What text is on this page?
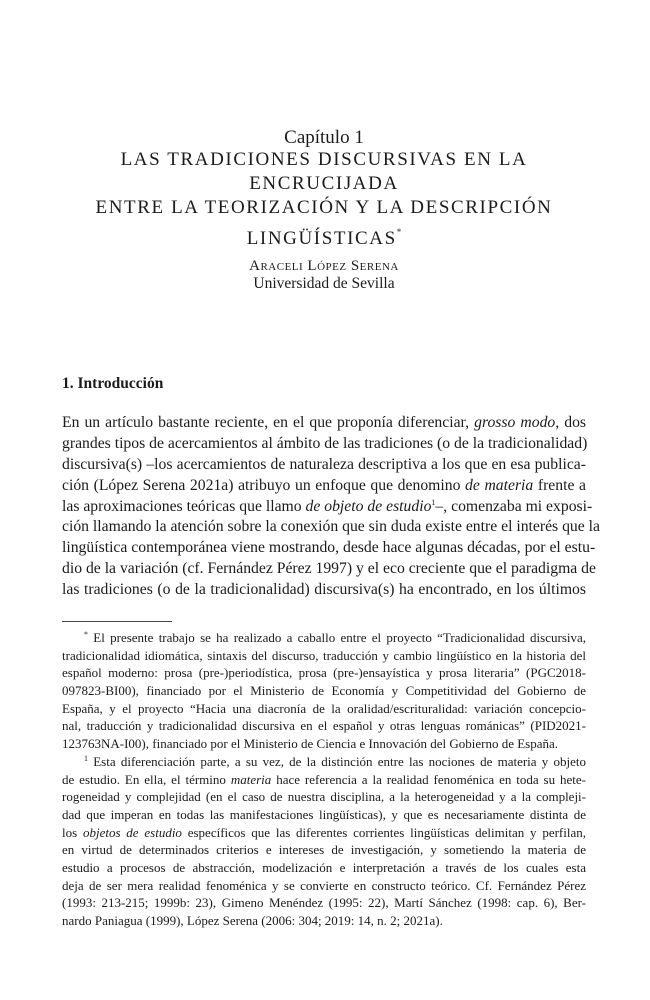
Capítulo 1
LAS TRADICIONES DISCURSIVAS EN LA ENCRUCIJADA
ENTRE LA TEORIZACIÓN Y LA DESCRIPCIÓN
LINGÜÍSTICAS*
Araceli López Serena
Universidad de Sevilla
1. Introducción
En un artículo bastante reciente, en el que proponía diferenciar, grosso modo, dos
grandes tipos de acercamientos al ámbito de las tradiciones (o de la tradicionalidad)
discursiva(s) –los acercamientos de naturaleza descriptiva a los que en esa publica-
ción (López Serena 2021a) atribuyo un enfoque que denomino de materia frente a
las aproximaciones teóricas que llamo de objeto de estudio$^1$–, comenzaba mi exposi-
ción llamando la atención sobre la conexión que sin duda existe entre el interés que la
lingüística contemporánea viene mostrando, desde hace algunas décadas, por el estu-
dio de la variación (cf. Fernández Pérez 1997) y el eco creciente que el paradigma de
las tradiciones (o de la tradicionalidad) discursiva(s) ha encontrado, en los últimos
* El presente trabajo se ha realizado a caballo entre el proyecto “Tradicionalidad discursiva,
tradicionalidad idiomática, sintaxis del discurso, traducción y cambio lingüístico en la historia del
español moderno: prosa (pre-)periodística, prosa (pre-)ensayística y prosa literaria” (PGC2018-
097823-BI00), financiado por el Ministerio de Economía y Competitividad del Gobierno de
España, y el proyecto “Hacia una diacronía de la oralidad/escrituralidad: variación concepcio-
nal, traducción y tradicionalidad discursiva en el español y otras lenguas románicas” (PID2021-
123763NA-I00), financiado por el Ministerio de Ciencia e Innovación del Gobierno de España.
$^1$ Esta diferenciación parte, a su vez, de la distinción entre las nociones de materia y objeto
de estudio. En ella, el término materia hace referencia a la realidad fenoménica en toda su hete-
rogeneidad y complejidad (en el caso de nuestra disciplina, a la heterogeneidad y a la compleji-
dad que imperan en todas las manifestaciones lingüísticas), y que es necesariamente distinta de
los objetos de estudio específicos que las diferentes corrientes lingüísticas delimitan y perfilan,
en virtud de determinados criterios e intereses de investigación, y sometiendo la materia de
estudio a procesos de abstracción, modelización e interpretación a través de los cuales esta
deja de ser mera realidad fenoménica y se convierte en constructo teórico. Cf. Fernández Pérez
(1993: 213-215; 1999b: 23), Gimeno Menéndez (1995: 22), Martí Sánchez (1998: cap. 6), Ber-
nardo Paniagua (1999), López Serena (2006: 304; 2019: 14, n. 2; 2021a).
